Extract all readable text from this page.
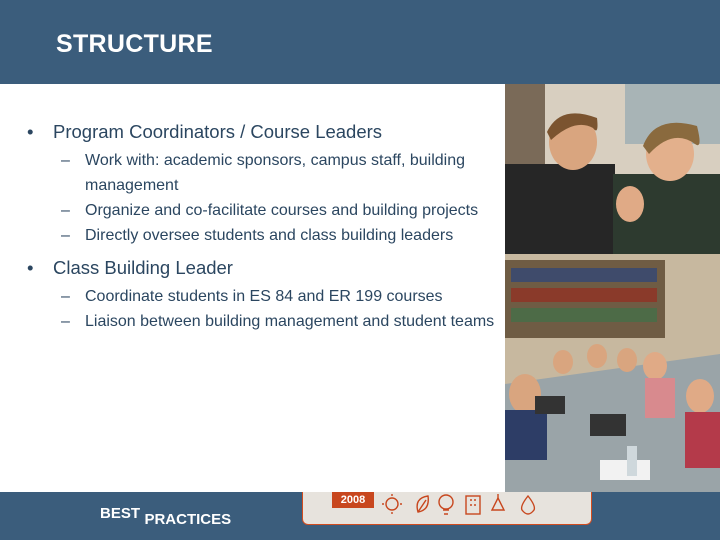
STRUCTURE
• Program Coordinators / Course Leaders
– Work with: academic sponsors, campus staff, building management
– Organize and co-facilitate courses and building projects
– Directly oversee students and class building leaders
• Class Building Leader
– Coordinate students in ES 84 and ER 199 courses
– Liaison between building management and student teams
BEST PRACTICES
2008
